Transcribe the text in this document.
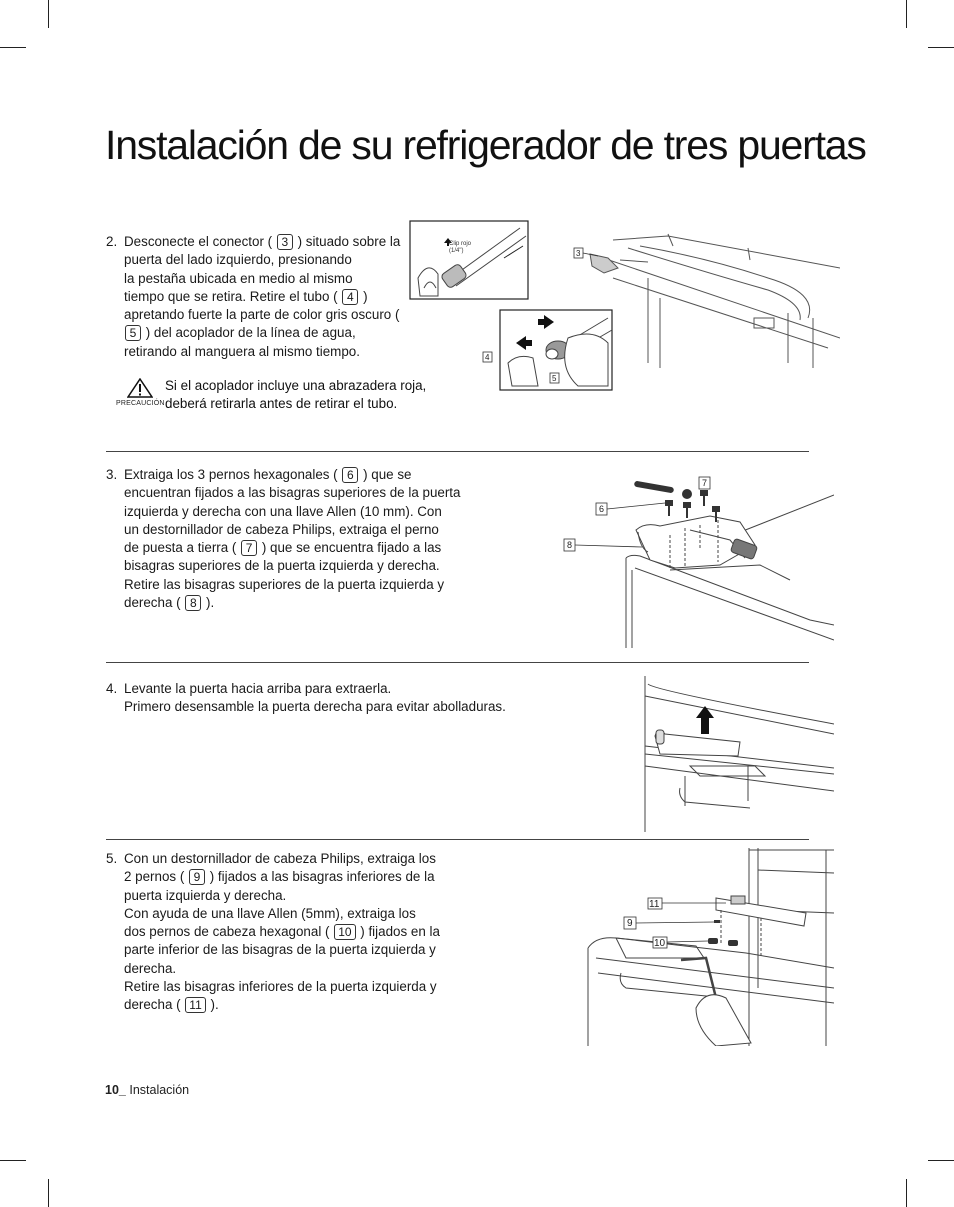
Instalación de su refrigerador de tres puertas
2. Desconecte el conector ( 3 ) situado sobre la
puerta del lado izquierdo, presionando
la pestaña ubicada en medio al mismo
tiempo que se retira. Retire el tubo ( 4 )
apretando fuerte la parte de color gris oscuro (
5 ) del acoplador de la línea de agua,
retirando al manguera al mismo tiempo.
PRECAUCIÓN
Si el acoplador incluye una abrazadera roja,
deberá retirarla antes de retirar el tubo.
Clip rojo
(1/4")	3
4
5
3. Extraiga los 3 pernos hexagonales ( 6 ) que se
encuentran fijados a las bisagras superiores de la puerta
izquierda y derecha con una llave Allen (10 mm). Con
un destornillador de cabeza Philips, extraiga el perno
de puesta a tierra ( 7 ) que se encuentra fijado a las
bisagras superiores de la puerta izquierda y derecha.
Retire las bisagras superiores de la puerta izquierda y
derecha ( 8 ).
7
6
8
4. Levante la puerta hacia arriba para extraerla.
Primero desensamble la puerta derecha para evitar abolladuras.
5. Con un destornillador de cabeza Philips, extraiga los
2 pernos ( 9 ) fijados a las bisagras inferiores de la
puerta izquierda y derecha.
Con ayuda de una llave Allen (5mm), extraiga los
dos pernos de cabeza hexagonal ( 10 ) fijados en la
parte inferior de las bisagras de la puerta izquierda y
derecha.
Retire las bisagras inferiores de la puerta izquierda y
derecha ( 11 ).
11
9
10
10_ Instalación
